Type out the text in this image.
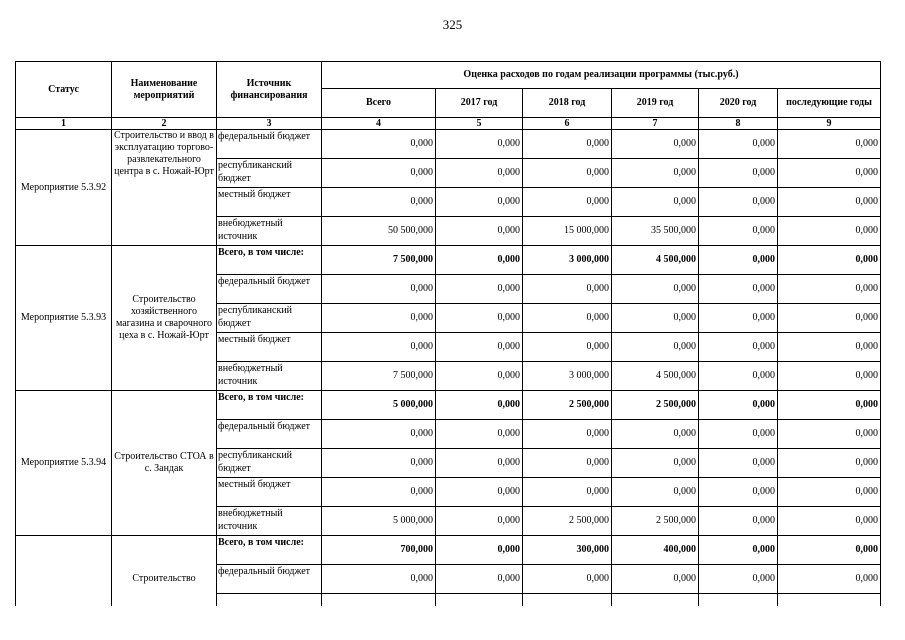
325
Статус	Наименование мероприятий	Источник финансирования	Оценка расходов по годам реализации программы (тыс.руб.)					
			Всего	2017 год	2018 год	2019 год	2020 год	последующие годы
1	2	3	4	5	6	7	8	9
Мероприятие 5.3.92	Строительство и ввод в эксплуатацию торгово-развлекательного центра в с. Ножай-Юрт	федеральный бюджет	0,000	0,000	0,000	0,000	0,000	0,000
		республиканский бюджет	0,000	0,000	0,000	0,000	0,000	0,000
		местный бюджет	0,000	0,000	0,000	0,000	0,000	0,000
		внебюджетный источник	50 500,000	0,000	15 000,000	35 500,000	0,000	0,000
Мероприятие 5.3.93	Строительство хозяйственного магазина и сварочного цеха в с. Ножай-Юрт	Всего, в том числе:	7 500,000	0,000	3 000,000	4 500,000	0,000	0,000
		федеральный бюджет	0,000	0,000	0,000	0,000	0,000	0,000
		республиканский бюджет	0,000	0,000	0,000	0,000	0,000	0,000
		местный бюджет	0,000	0,000	0,000	0,000	0,000	0,000
		внебюджетный источник	7 500,000	0,000	3 000,000	4 500,000	0,000	0,000
Мероприятие 5.3.94	Строительство СТОА в с. Зандак	Всего, в том числе:	5 000,000	0,000	2 500,000	2 500,000	0,000	0,000
		федеральный бюджет	0,000	0,000	0,000	0,000	0,000	0,000
		республиканский бюджет	0,000	0,000	0,000	0,000	0,000	0,000
		местный бюджет	0,000	0,000	0,000	0,000	0,000	0,000
		внебюджетный источник	5 000,000	0,000	2 500,000	2 500,000	0,000	0,000
	Строительство	Всего, в том числе:	700,000	0,000	300,000	400,000	0,000	0,000
		федеральный бюджет	0,000	0,000	0,000	0,000	0,000	0,000
